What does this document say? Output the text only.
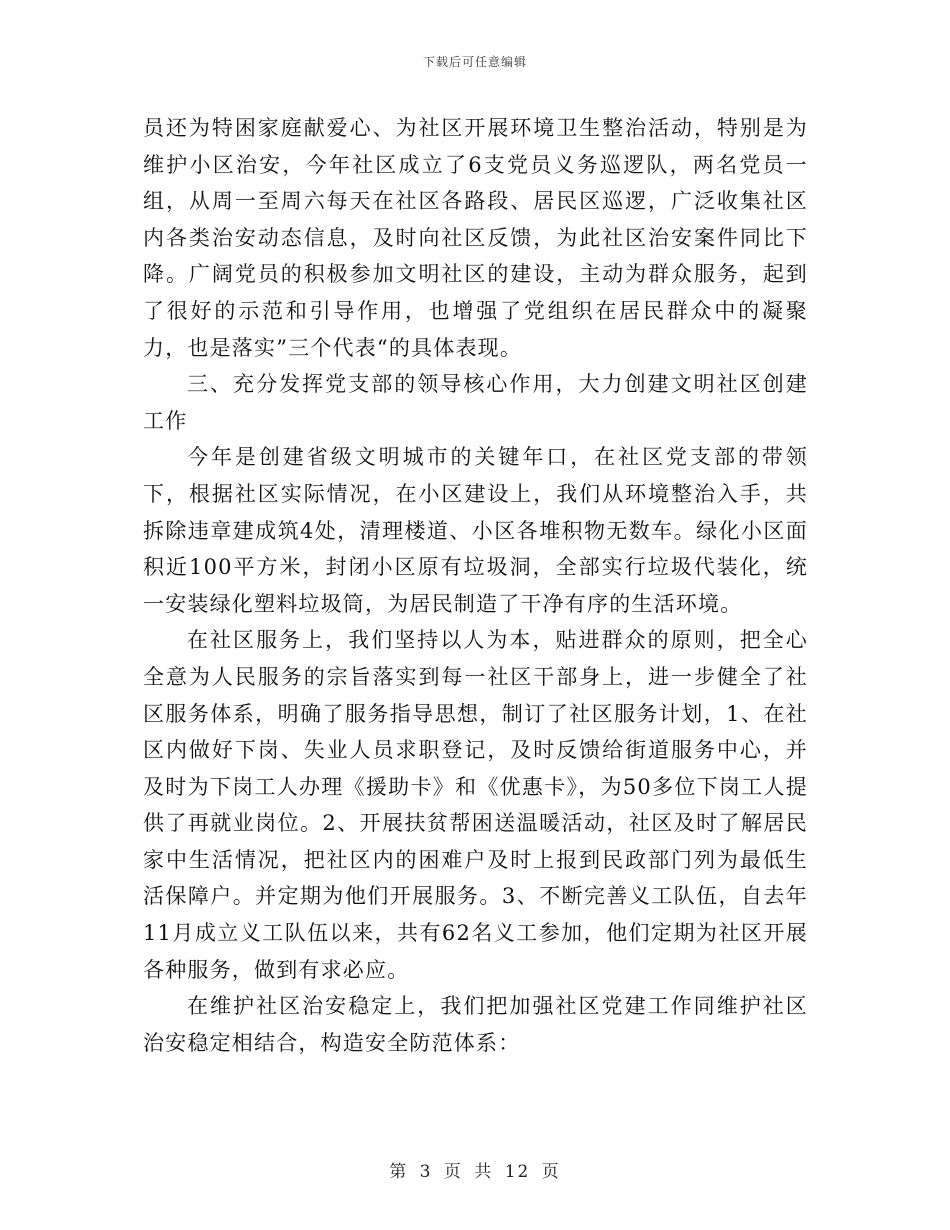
下载后可任意编辑

员还为特困家庭献爱心、为社区开展环境卫生整治活动，特别是为维护小区治安，今年社区成立了6支党员义务巡逻队，两名党员一组，从周一至周六每天在社区各路段、居民区巡逻，广泛收集社区内各类治安动态信息，及时向社区反馈，为此社区治安案件同比下降。广阔党员的积极参加文明社区的建设，主动为群众服务，起到了很好的示范和引导作用，也增强了党组织在居民群众中的凝聚力，也是落实”三个代表“的具体表现。

三、充分发挥党支部的领导核心作用，大力创建文明社区创建工作

今年是创建省级文明城市的关键年口，在社区党支部的带领下，根据社区实际情况，在小区建设上，我们从环境整治入手，共拆除违章建成筑4处，清理楼道、小区各堆积物无数车。绿化小区面积近100平方米，封闭小区原有垃圾洞，全部实行垃圾代装化，统一安装绿化塑料垃圾筒，为居民制造了干净有序的生活环境。

在社区服务上，我们坚持以人为本，贴进群众的原则，把全心全意为人民服务的宗旨落实到每一社区干部身上，进一步健全了社区服务体系，明确了服务指导思想，制订了社区服务计划，1、在社区内做好下岗、失业人员求职登记，及时反馈给街道服务中心，并及时为下岗工人办理《援助卡》和《优惠卡》，为50多位下岗工人提供了再就业岗位。2、开展扶贫帮困送温暖活动，社区及时了解居民家中生活情况，把社区内的困难户及时上报到民政部门列为最低生活保障户。并定期为他们开展服务。3、不断完善义工队伍，自去年11月成立义工队伍以来，共有62名义工参加，他们定期为社区开展各种服务，做到有求必应。

在维护社区治安稳定上，我们把加强社区党建工作同维护社区治安稳定相结合，构造安全防范体系：

第 3 页 共 12 页
